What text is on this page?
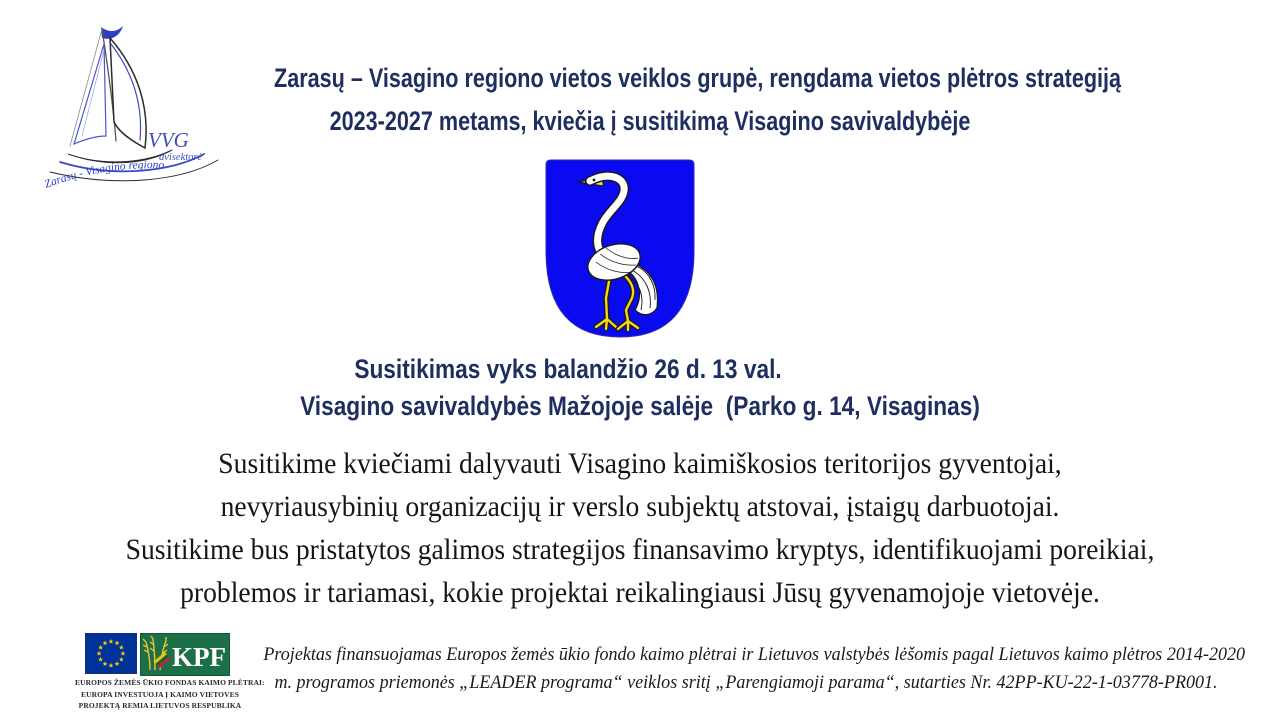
VVG
dvisektorė
Zarasų - Visagino regiono
Zarasų – Visagino regiono vietos veiklos grupė, rengdama vietos plėtros strategiją
2023-2027 metams, kviečia į susitikimą Visagino savivaldybėje
Susitikimas vyks balandžio 26 d. 13 val.
Visagino savivaldybės Mažojoje salėje  (Parko g. 14, Visaginas)
Susitikime kviečiami dalyvauti Visagino kaimiškosios teritorijos gyventojai,
nevyriausybinių organizacijų ir verslo subjektų atstovai, įstaigų darbuotojai.
Susitikime bus pristatytos galimos strategijos finansavimo kryptys, identifikuojami poreikiai,
problemos ir tariamasi, kokie projektai reikalingiausi Jūsų gyvenamojoje vietovėje.
KPF
EUROPOS ŽEMĖS ŪKIO FONDAS KAIMO PLĖTRAI:
EUROPA INVESTUOJA Į KAIMO VIETOVES
PROJEKTĄ REMIA LIETUVOS RESPUBLIKA
Projektas finansuojamas Europos žemės ūkio fondo kaimo plėtrai ir Lietuvos valstybės lėšomis pagal Lietuvos kaimo plėtros 2014-2020
m. programos priemonės „LEADER programa“ veiklos sritį „Parengiamoji parama“, sutarties Nr. 42PP-KU-22-1-03778-PR001.
